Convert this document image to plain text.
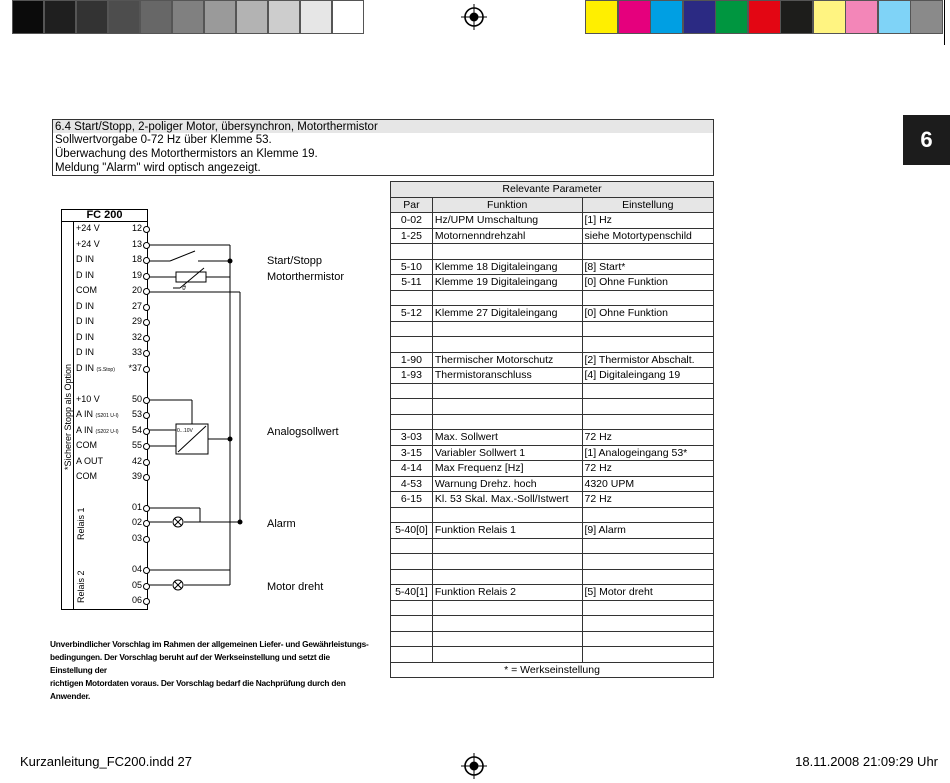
6
6.4 Start/Stopp, 2-poliger Motor, übersynchron, Motorthermistor
Sollwertvorgabe 0-72 Hz über Klemme 53.
Überwachung des Motorthermistors an Klemme 19.
Meldung "Alarm" wird optisch angezeigt.
FC 200
*Sicherer Stopp als Option
Relais 1
Relais 2
+24 V	12
+24 V	13
D IN	18
D IN	19
COM	20
D IN	27
D IN	29
D IN	32
D IN	33
D IN (S.Stop)	*37
+10 V	50
A IN (S201 U-I)	53
A IN (S202 U-I)	54
COM	55
A OUT	42
COM	39
01
02
03
04
05
06
0...10V
ϑ
Start/Stopp
Motorthermistor
Analogsollwert
Alarm
Motor dreht
Relevante Parameter		
Par	Funktion	Einstellung
0-02	Hz/UPM Umschaltung	[1] Hz
1-25	Motornenndrehzahl	siehe Motortypenschild

5-10	Klemme 18 Digitaleingang	[8] Start*
5-11	Klemme 19 Digitaleingang	[0] Ohne Funktion

5-12	Klemme 27 Digitaleingang	[0] Ohne Funktion

1-90	Thermischer Motorschutz	[2] Thermistor Abschalt.
1-93	Thermistoranschluss	[4] Digitaleingang 19

3-03	Max. Sollwert	72 Hz
3-15	Variabler Sollwert 1	[1] Analogeingang 53*
4-14	Max Frequenz [Hz]	72 Hz
4-53	Warnung Drehz. hoch	4320 UPM
6-15	Kl. 53 Skal. Max.-Soll/Istwert	72 Hz

5-40[0]	Funktion Relais 1	[9] Alarm

5-40[1]	Funktion Relais 2	[5] Motor dreht

* = Werkseinstellung		
Unverbindlicher Vorschlag im Rahmen der allgemeinen Liefer- und Gewährleistungs-
bedingungen. Der Vorschlag beruht auf der Werkseinstellung und setzt die Einstellung der
richtigen Motordaten voraus. Der Vorschlag bedarf die Nachprüfung durch den Anwender.
Kurzanleitung_FC200.indd 27	18.11.2008 21:09:29 Uhr
